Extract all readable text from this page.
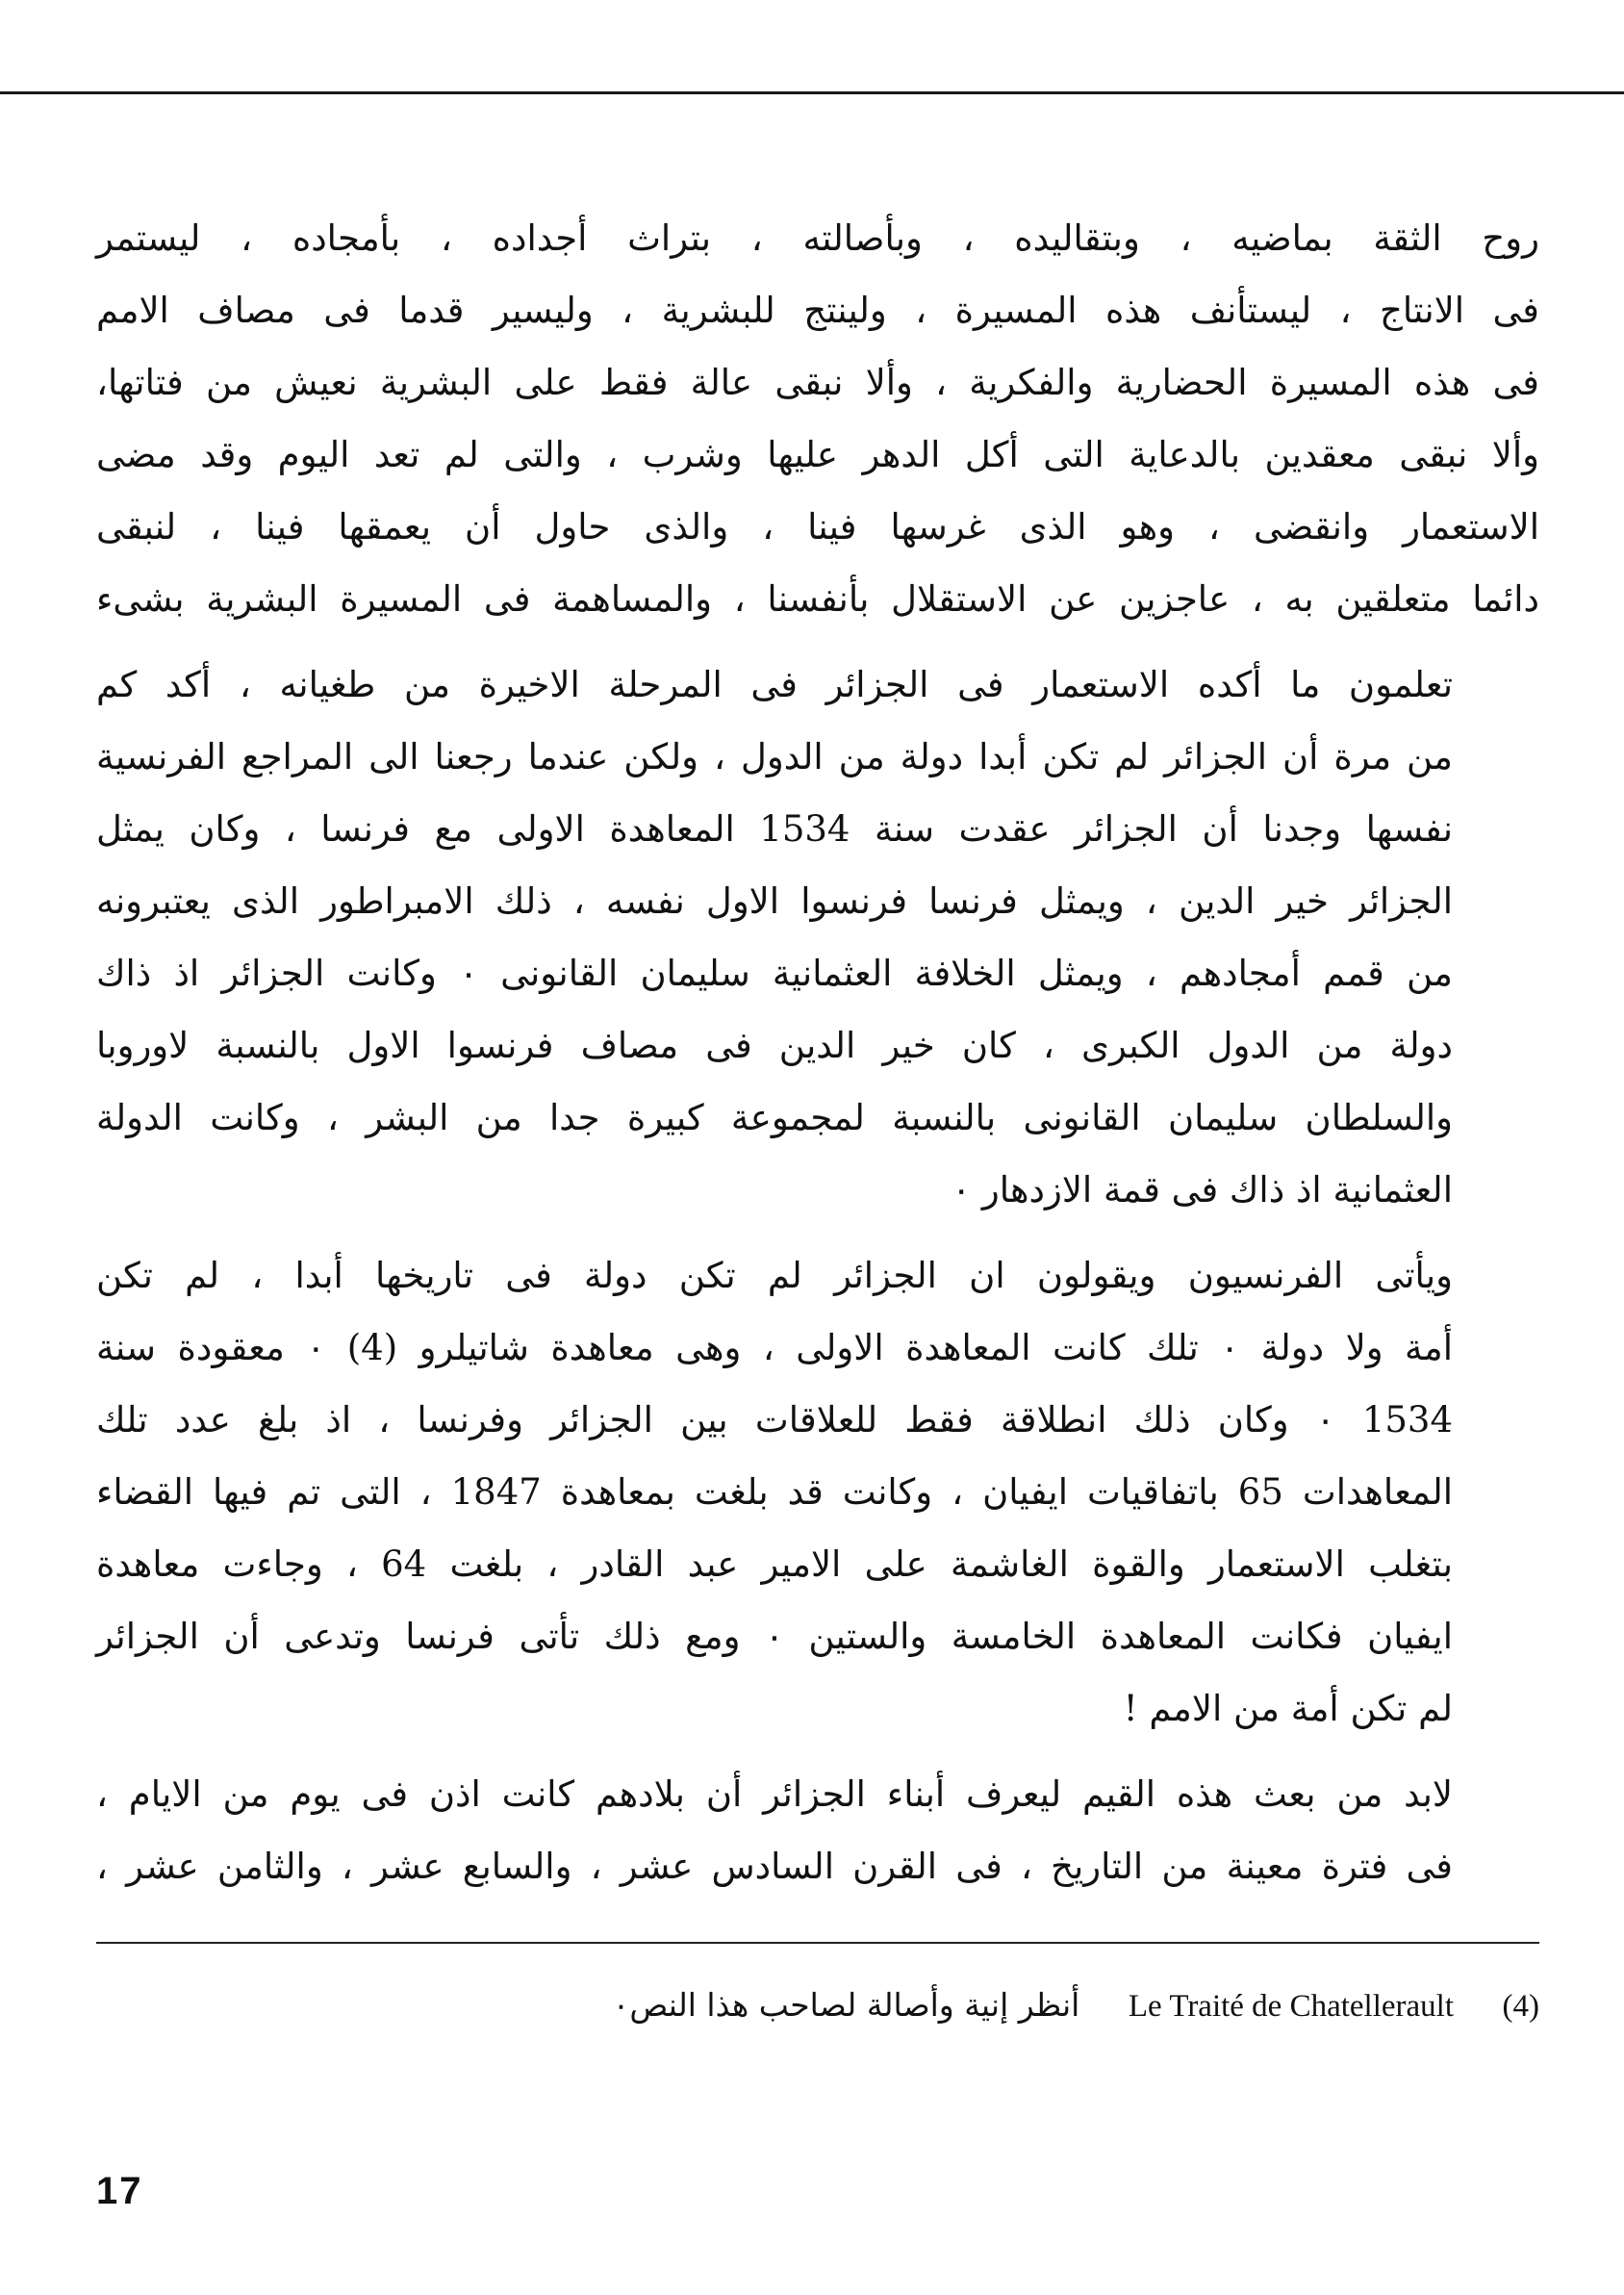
روح الثقة بماضيه ، وبتقاليده ، وبأصالته ، بتراث أجداده ، بأمجاده ، ليستمر
فى الانتاج ، ليستأنف هذه المسيرة ، ولينتج للبشرية ، وليسير قدما فى مصاف الامم
فى هذه المسيرة الحضارية والفكرية ، وألا نبقى عالة فقط على البشرية نعيش من فتاتها،
وألا نبقى معقدين بالدعاية التى أكل الدهر عليها وشرب ، والتى لم تعد اليوم وقد مضى
الاستعمار وانقضى ، وهو الذى غرسها فينا ، والذى حاول أن يعمقها فينا ، لنبقى
دائما متعلقين به ، عاجزين عن الاستقلال بأنفسنا ، والمساهمة فى المسيرة البشرية بشىء

تعلمون ما أكده الاستعمار فى الجزائر فى المرحلة الاخيرة من طغيانه ، أكد كم
من مرة أن الجزائر لم تكن أبدا دولة من الدول ، ولكن عندما رجعنا الى المراجع الفرنسية
نفسها وجدنا أن الجزائر عقدت سنة 1534 المعاهدة الاولى مع فرنسا ، وكان يمثل
الجزائر خير الدين ، ويمثل فرنسا فرنسوا الاول نفسه ، ذلك الامبراطور الذى يعتبرونه
من قمم أمجادهم ، ويمثل الخلافة العثمانية سليمان القانونى ٠ وكانت الجزائر اذ ذاك
دولة من الدول الكبرى ، كان خير الدين فى مصاف فرنسوا الاول بالنسبة لاوروبا
والسلطان سليمان القانونى بالنسبة لمجموعة كبيرة جدا من البشر ، وكانت الدولة
العثمانية اذ ذاك فى قمة الازدهار ٠

ويأتى الفرنسيون ويقولون ان الجزائر لم تكن دولة فى تاريخها أبدا ، لم تكن
أمة ولا دولة ٠ تلك كانت المعاهدة الاولى ، وهى معاهدة شاتيلرو (4) ٠ معقودة سنة
1534 ٠ وكان ذلك انطلاقة فقط للعلاقات بين الجزائر وفرنسا ، اذ بلغ عدد تلك
المعاهدات 65 باتفاقيات ايفيان ، وكانت قد بلغت بمعاهدة 1847 ، التى تم فيها القضاء
بتغلب الاستعمار والقوة الغاشمة على الامير عبد القادر ، بلغت 64 ، وجاءت معاهدة
ايفيان فكانت المعاهدة الخامسة والستين ٠ ومع ذلك تأتى فرنسا وتدعى أن الجزائر
لم تكن أمة من الامم !

لابد من بعث هذه القيم ليعرف أبناء الجزائر أن بلادهم كانت اذن فى يوم من الايام ،
فى فترة معينة من التاريخ ، فى القرن السادس عشر ، والسابع عشر ، والثامن عشر ،

أنظر إنية وأصالة لصاحب هذا النص٠ Le Traité de Chatellerault (4)
17
